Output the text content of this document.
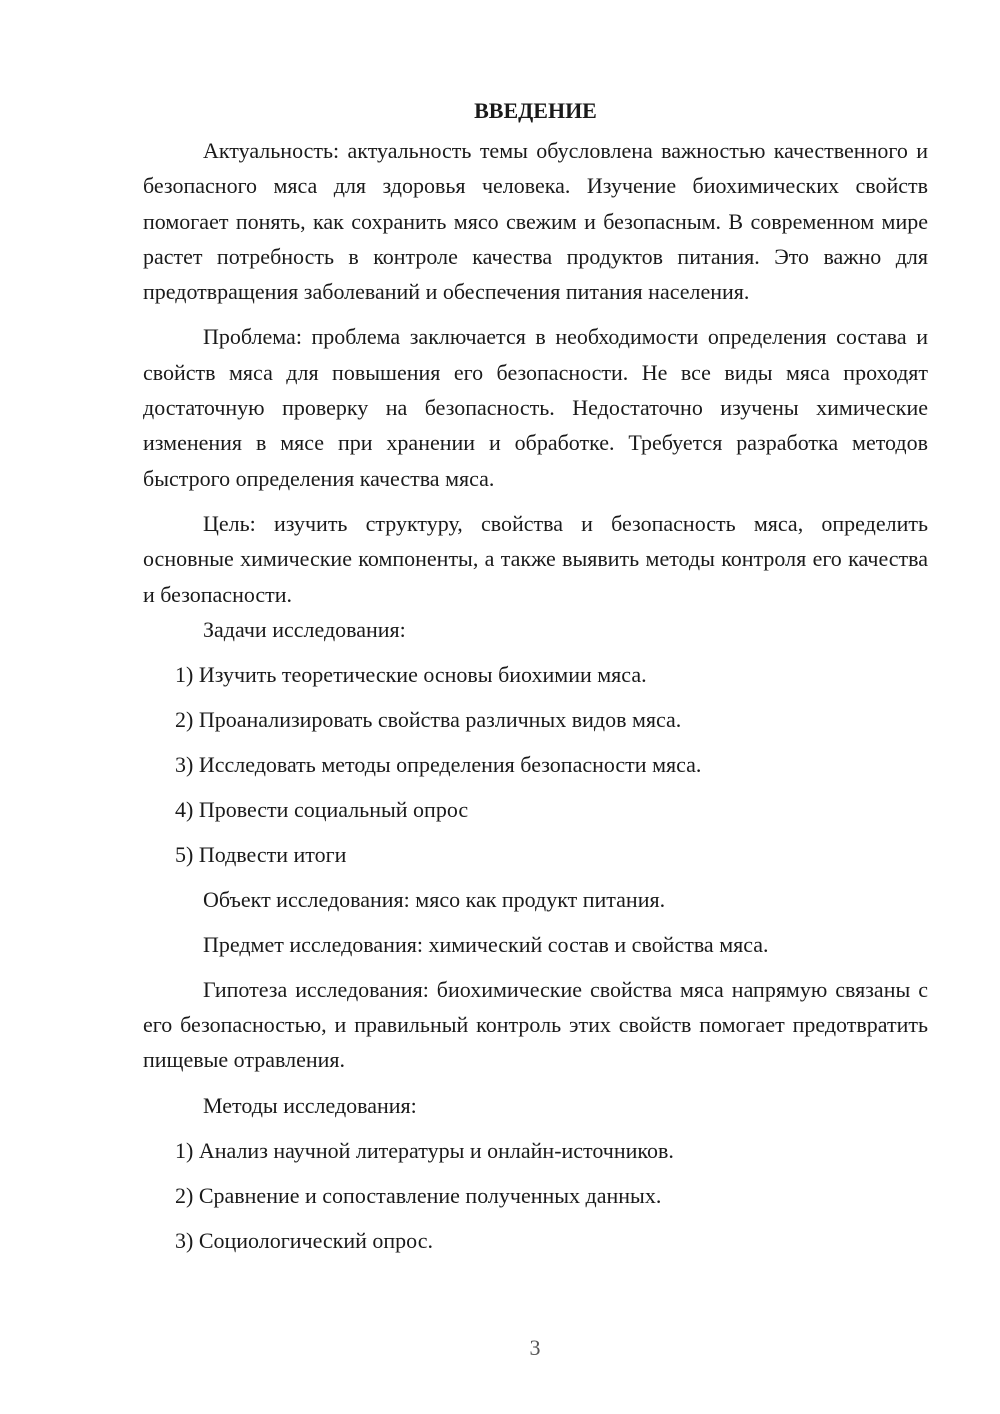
ВВЕДЕНИЕ

Актуальность: актуальность темы обусловлена важностью качественного и безопасного мяса для здоровья человека. Изучение биохимических свойств помогает понять, как сохранить мясо свежим и безопасным. В современном мире растет потребность в контроле качества продуктов питания. Это важно для предотвращения заболеваний и обеспечения питания населения.

Проблема: проблема заключается в необходимости определения состава и свойств мяса для повышения его безопасности. Не все виды мяса проходят достаточную проверку на безопасность. Недостаточно изучены химические изменения в мясе при хранении и обработке. Требуется разработка методов быстрого определения качества мяса.

Цель: изучить структуру, свойства и безопасность мяса, определить основные химические компоненты, а также выявить методы контроля его качества и безопасности.

Задачи исследования:

1) Изучить теоретические основы биохимии мяса.

2) Проанализировать свойства различных видов мяса.

3) Исследовать методы определения безопасности мяса.

4) Провести социальный опрос

5) Подвести итоги

Объект исследования: мясо как продукт питания.

Предмет исследования: химический состав и свойства мяса.

Гипотеза исследования: биохимические свойства мяса напрямую связаны с его безопасностью, и правильный контроль этих свойств помогает предотвратить пищевые отравления.

Методы исследования:

1) Анализ научной литературы и онлайн-источников.

2) Сравнение и сопоставление полученных данных.

3) Социологический опрос.

3
